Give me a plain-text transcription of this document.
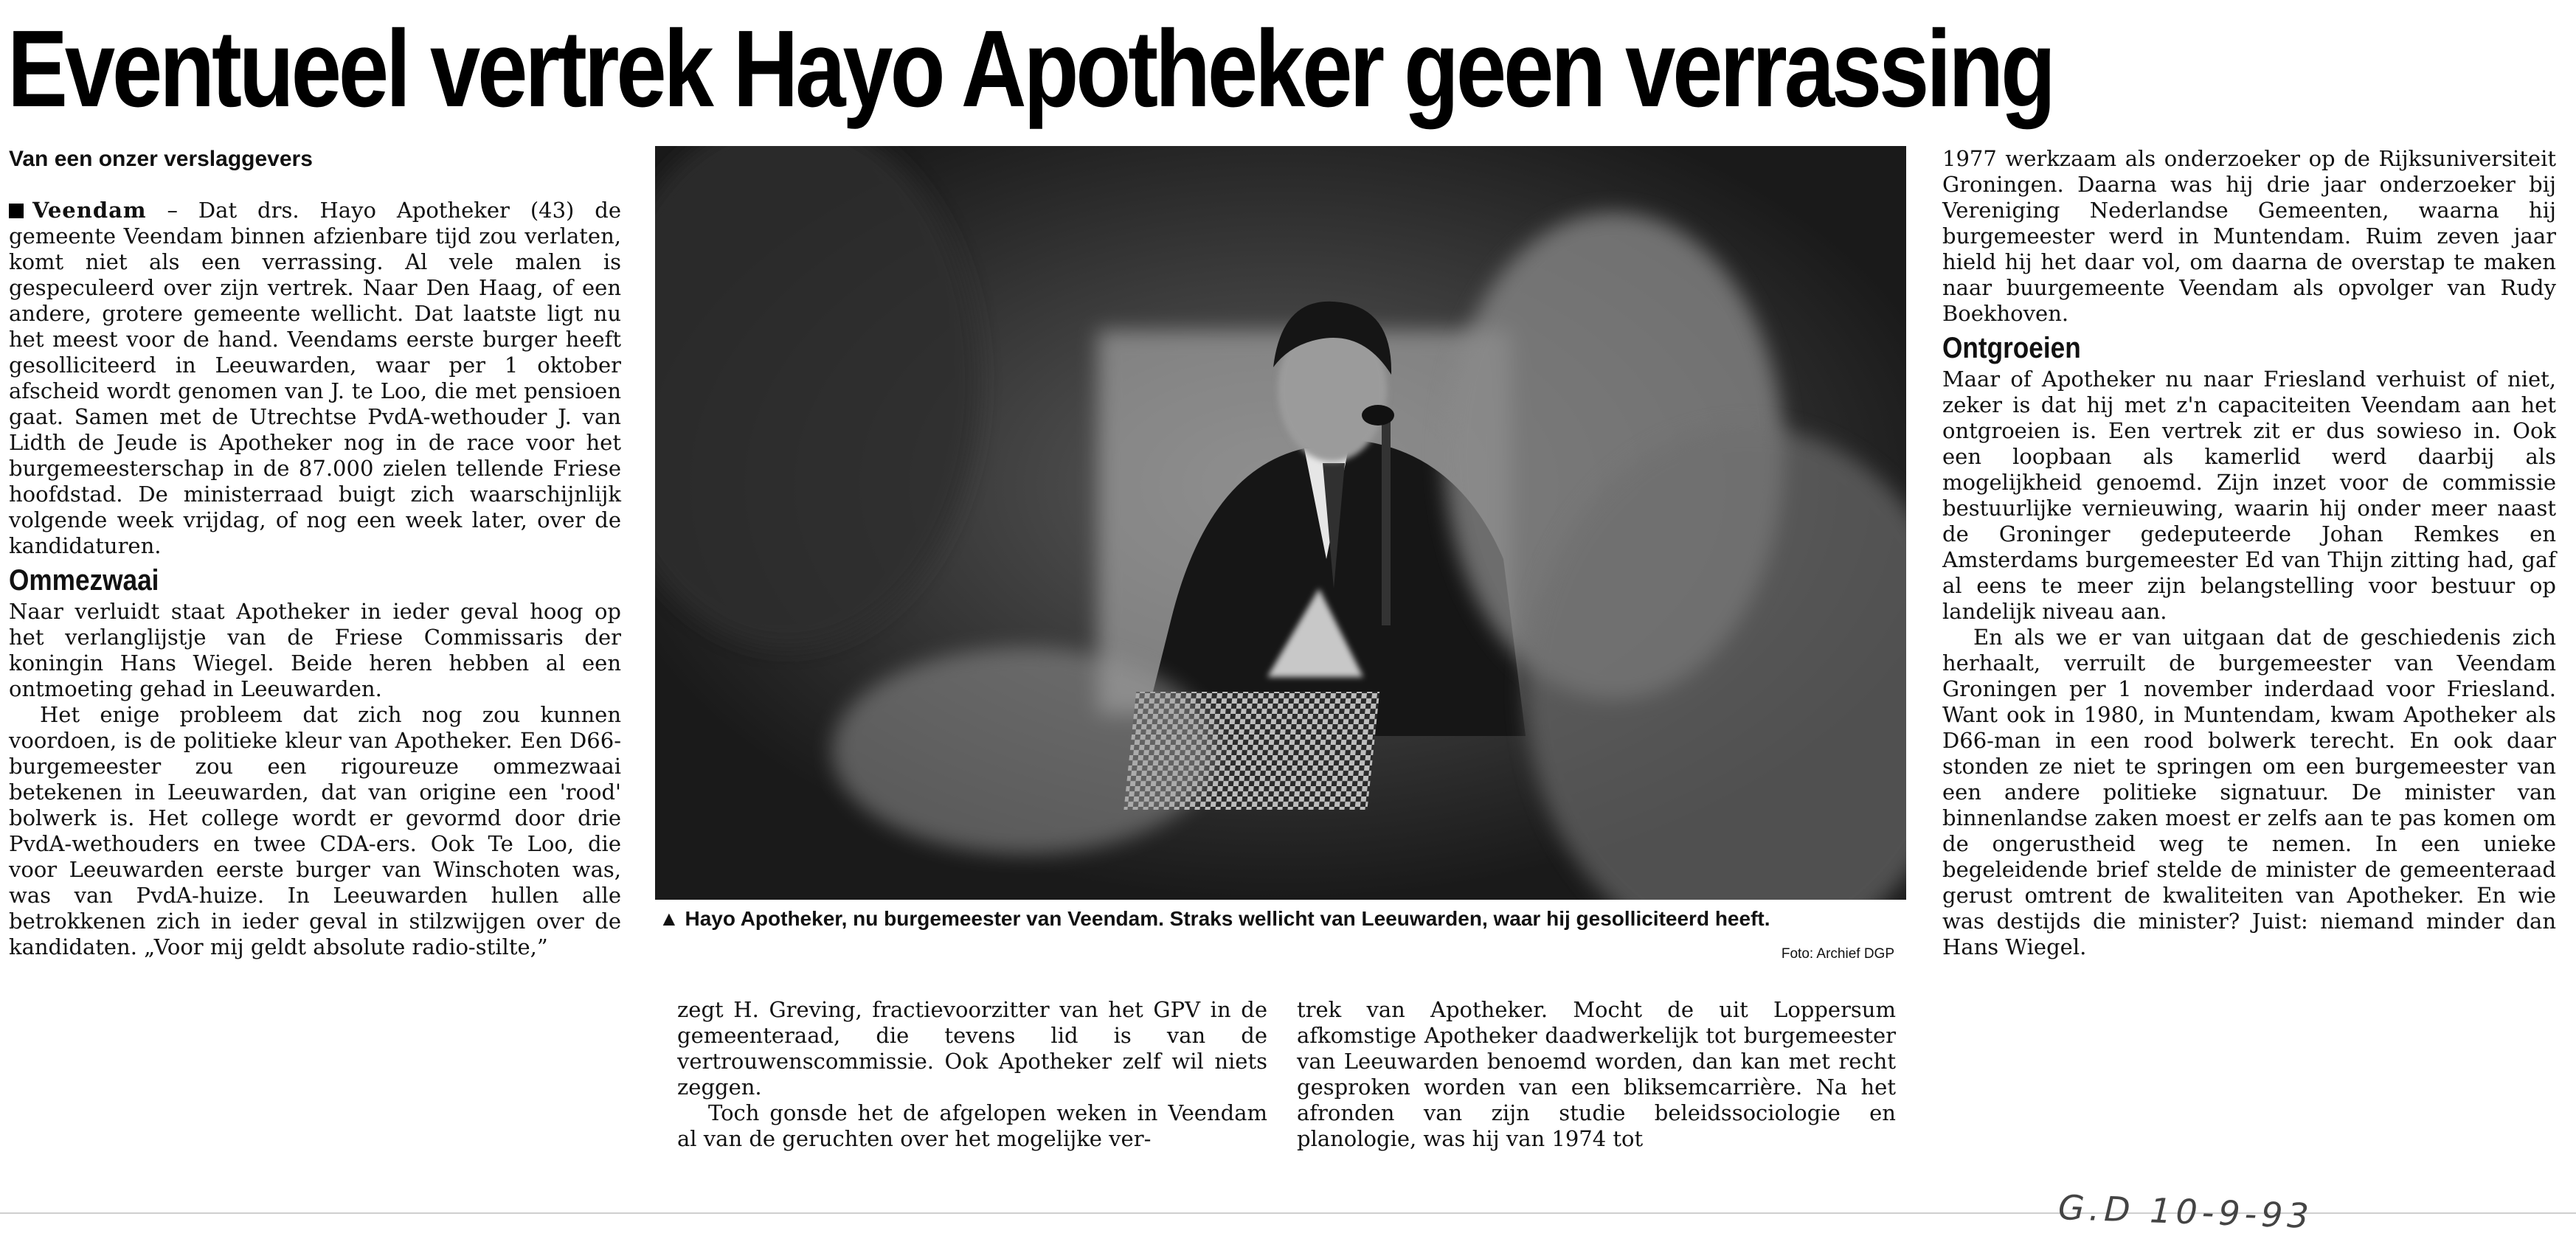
Eventueel vertrek Hayo Apotheker geen verrassing
Van een onzer verslaggevers

Veendam – Dat drs. Hayo Apotheker (43) de gemeente Veendam binnen afzienbare tijd zou verlaten, komt niet als een verrassing. Al vele malen is gespeculeerd over zijn vertrek. Naar Den Haag, of een andere, grotere gemeente wellicht. Dat laatste ligt nu het meest voor de hand. Veendams eerste burger heeft gesolliciteerd in Leeuwarden, waar per 1 oktober afscheid wordt genomen van J. te Loo, die met pensioen gaat. Samen met de Utrechtse PvdA-wethouder J. van Lidth de Jeude is Apotheker nog in de race voor het burgemeesterschap in de 87.000 zielen tellende Friese hoofdstad. De ministerraad buigt zich waarschijnlijk volgende week vrijdag, of nog een week later, over de kandidaturen.

Ommezwaai

Naar verluidt staat Apotheker in ieder geval hoog op het verlanglijstje van de Friese Commissaris der koningin Hans Wiegel. Beide heren hebben al een ontmoeting gehad in Leeuwarden.

Het enige probleem dat zich nog zou kunnen voordoen, is de politieke kleur van Apotheker. Een D66-burgemeester zou een rigoureuze ommezwaai betekenen in Leeuwarden, dat van origine een 'rood' bolwerk is. Het college wordt er gevormd door drie PvdA-wethouders en twee CDA-ers. Ook Te Loo, die voor Leeuwarden eerste burger van Winschoten was, was van PvdA-huize. In Leeuwarden hullen alle betrokkenen zich in ieder geval in stilzwijgen over de kandidaten. „Voor mij geldt absolute radio-stilte,”

▲ Hayo Apotheker, nu burgemeester van Veendam. Straks wellicht van Leeuwarden, waar hij gesolliciteerd heeft.
Foto: Archief DGP

zegt H. Greving, fractievoorzitter van het GPV in de gemeenteraad, die tevens lid is van de vertrouwenscommissie. Ook Apotheker zelf wil niets zeggen.

Toch gonsde het de afgelopen weken in Veendam al van de geruchten over het mogelijke ver-

trek van Apotheker. Mocht de uit Loppersum afkomstige Apotheker daadwerkelijk tot burgemeester van Leeuwarden benoemd worden, dan kan met recht gesproken worden van een bliksemcarrière. Na het afronden van zijn studie beleidssociologie en planologie, was hij van 1974 tot

1977 werkzaam als onderzoeker op de Rijksuniversiteit Groningen. Daarna was hij drie jaar onderzoeker bij Vereniging Nederlandse Gemeenten, waarna hij burgemeester werd in Muntendam. Ruim zeven jaar hield hij het daar vol, om daarna de overstap te maken naar buurgemeente Veendam als opvolger van Rudy Boekhoven.

Ontgroeien

Maar of Apotheker nu naar Friesland verhuist of niet, zeker is dat hij met z'n capaciteiten Veendam aan het ontgroeien is. Een vertrek zit er dus sowieso in. Ook een loopbaan als kamerlid werd daarbij als mogelijkheid genoemd. Zijn inzet voor de commissie bestuurlijke vernieuwing, waarin hij onder meer naast de Groninger gedeputeerde Johan Remkes en Amsterdams burgemeester Ed van Thijn zitting had, gaf al eens te meer zijn belangstelling voor bestuur op landelijk niveau aan.

En als we er van uitgaan dat de geschiedenis zich herhaalt, verruilt de burgemeester van Veendam Groningen per 1 november inderdaad voor Friesland. Want ook in 1980, in Muntendam, kwam Apotheker als D66-man in een rood bolwerk terecht. En ook daar stonden ze niet te springen om een burgemeester van een andere politieke signatuur. De minister van binnenlandse zaken moest er zelfs aan te pas komen om de ongerustheid weg te nemen. In een unieke begeleidende brief stelde de minister de gemeenteraad gerust omtrent de kwaliteiten van Apotheker. En wie was destijds die minister? Juist: niemand minder dan Hans Wiegel.

G.D 10-9-93
